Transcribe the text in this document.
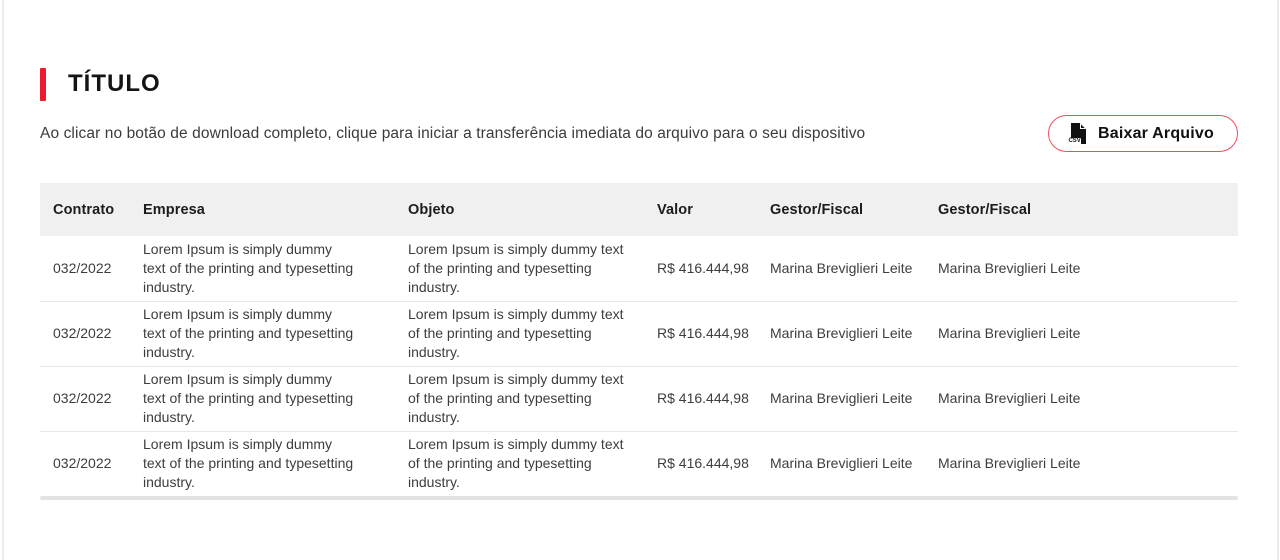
TÍTULO
Ao clicar no botão de download completo, clique para iniciar a transferência imediata do arquivo para o seu dispositivo	CSV Baixar Arquivo
Contrato	Empresa	Objeto	Valor	Gestor/Fiscal	Gestor/Fiscal
032/2022	Lorem Ipsum is simply dummy text of the printing and typesetting industry.	Lorem Ipsum is simply dummy text of the printing and typesetting industry.	R$ 416.444,98	Marina Breviglieri Leite	Marina Breviglieri Leite
032/2022	Lorem Ipsum is simply dummy text of the printing and typesetting industry.	Lorem Ipsum is simply dummy text of the printing and typesetting industry.	R$ 416.444,98	Marina Breviglieri Leite	Marina Breviglieri Leite
032/2022	Lorem Ipsum is simply dummy text of the printing and typesetting industry.	Lorem Ipsum is simply dummy text of the printing and typesetting industry.	R$ 416.444,98	Marina Breviglieri Leite	Marina Breviglieri Leite
032/2022	Lorem Ipsum is simply dummy text of the printing and typesetting industry.	Lorem Ipsum is simply dummy text of the printing and typesetting industry.	R$ 416.444,98	Marina Breviglieri Leite	Marina Breviglieri Leite
